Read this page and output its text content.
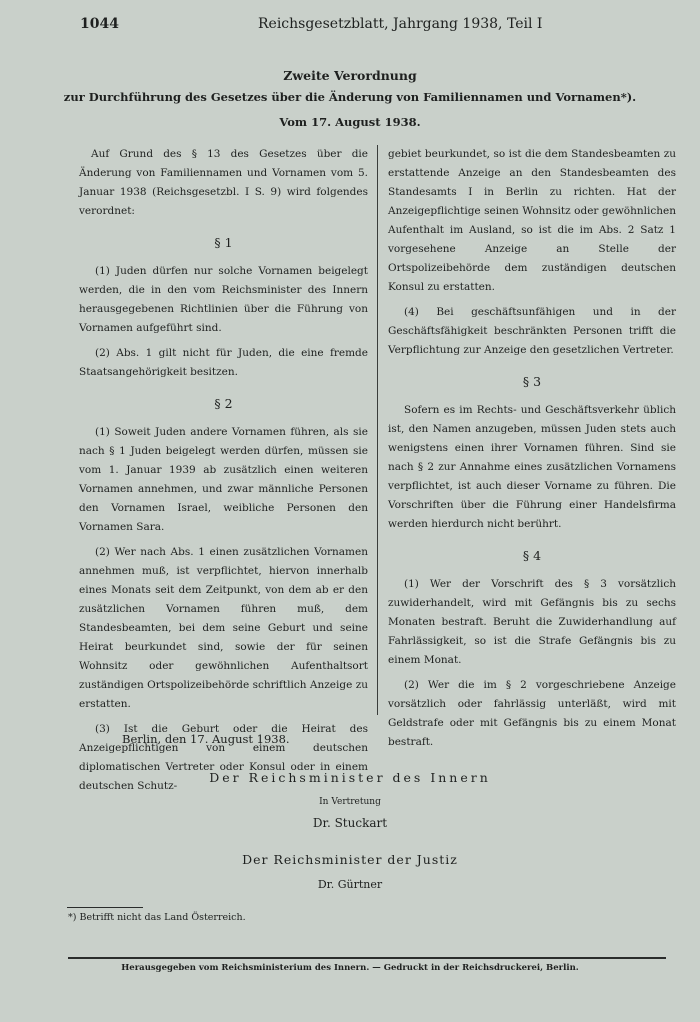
1044	Reichsgesetzblatt, Jahrgang 1938, Teil I
Zweite Verordnung
zur Durchführung des Gesetzes über die Änderung von Familiennamen und Vornamen*).
Vom 17. August 1938.

Auf Grund des § 13 des Gesetzes über die Änderung von Familiennamen und Vornamen vom 5. Januar 1938 (Reichsgesetzbl. I S. 9) wird folgendes verordnet:

§ 1

(1) Juden dürfen nur solche Vornamen beigelegt werden, die in den vom Reichsminister des Innern herausgegebenen Richtlinien über die Führung von Vornamen aufgeführt sind.

(2) Abs. 1 gilt nicht für Juden, die eine fremde Staatsangehörigkeit besitzen.

§ 2

(1) Soweit Juden andere Vornamen führen, als sie nach § 1 Juden beigelegt werden dürfen, müssen sie vom 1. Januar 1939 ab zusätzlich einen weiteren Vornamen annehmen, und zwar männliche Personen den Vornamen Israel, weibliche Personen den Vornamen Sara.

(2) Wer nach Abs. 1 einen zusätzlichen Vornamen annehmen muß, ist verpflichtet, hiervon innerhalb eines Monats seit dem Zeitpunkt, von dem ab er den zusätzlichen Vornamen führen muß, dem Standesbeamten, bei dem seine Geburt und seine Heirat beurkundet sind, sowie der für seinen Wohnsitz oder gewöhnlichen Aufenthaltsort zuständigen Ortspolizeibehörde schriftlich Anzeige zu erstatten.

(3) Ist die Geburt oder die Heirat des Anzeigepflichtigen von einem deutschen diplomatischen Vertreter oder Konsul oder in einem deutschen Schutz-

gebiet beurkundet, so ist die dem Standesbeamten zu erstattende Anzeige an den Standesbeamten des Standesamts I in Berlin zu richten. Hat der Anzeigepflichtige seinen Wohnsitz oder gewöhnlichen Aufenthalt im Ausland, so ist die im Abs. 2 Satz 1 vorgesehene Anzeige an Stelle der Ortspolizeibehörde dem zuständigen deutschen Konsul zu erstatten.

(4) Bei geschäftsunfähigen und in der Geschäftsfähigkeit beschränkten Personen trifft die Verpflichtung zur Anzeige den gesetzlichen Vertreter.

§ 3

Sofern es im Rechts- und Geschäftsverkehr üblich ist, den Namen anzugeben, müssen Juden stets auch wenigstens einen ihrer Vornamen führen. Sind sie nach § 2 zur Annahme eines zusätzlichen Vornamens verpflichtet, ist auch dieser Vorname zu führen. Die Vorschriften über die Führung einer Handelsfirma werden hierdurch nicht berührt.

§ 4

(1) Wer der Vorschrift des § 3 vorsätzlich zuwiderhandelt, wird mit Gefängnis bis zu sechs Monaten bestraft. Beruht die Zuwiderhandlung auf Fahrlässigkeit, so ist die Strafe Gefängnis bis zu einem Monat.

(2) Wer die im § 2 vorgeschriebene Anzeige vorsätzlich oder fahrlässig unterläßt, wird mit Geldstrafe oder mit Gefängnis bis zu einem Monat bestraft.

Berlin, den 17. August 1938.
Der Reichsminister des Innern
In Vertretung
Dr. Stuckart
Der Reichsminister der Justiz
Dr. Gürtner
*) Betrifft nicht das Land Österreich.
Herausgegeben vom Reichsministerium des Innern. — Gedruckt in der Reichsdruckerei, Berlin.
